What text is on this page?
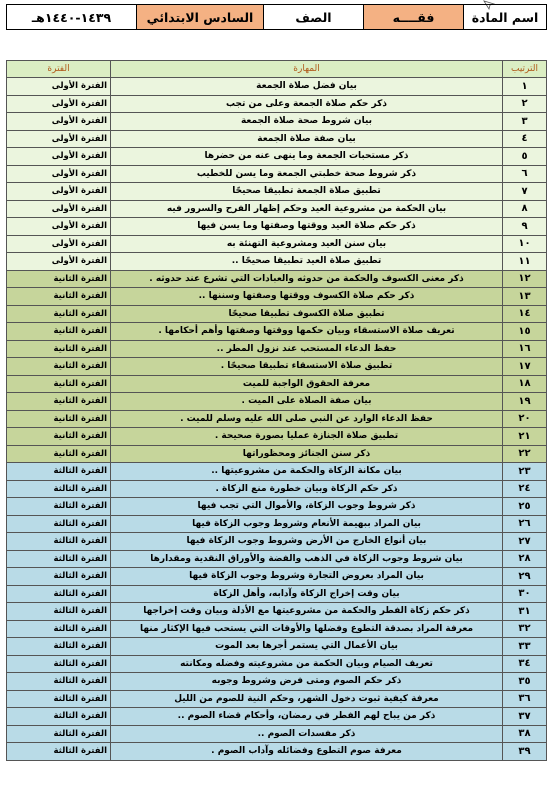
اسم المادة	فقــــه	الصف	السادس الابتدائي	١٤٣٩-١٤٤٠هـ
الترتيب	المهارة	الفترة
١	بيان فضل صلاة الجمعة	الفترة الأولى
٢	ذكر حكم صلاة الجمعة وعلى من تجب	الفترة الأولى
٣	بيان شروط صحة صلاة الجمعة	الفترة الأولى
٤	بيان صفة صلاة الجمعة	الفترة الأولى
٥	ذكر مستحبات الجمعة وما ينهى عنه من حضرها	الفترة الأولى
٦	ذكر شروط صحة خطبتي الجمعة وما يسن للخطيب	الفترة الأولى
٧	تطبيق صلاة الجمعة تطبيقا صحيحًا	الفترة الأولى
٨	بيان الحكمة من مشروعية العيد وحكم إظهار الفرح والسرور فيه	الفترة الأولى
٩	ذكر حكم صلاة العيد ووقتها وصفتها وما يسن فيها	الفترة الأولى
١٠	بيان سنن العيد ومشروعية التهنئة به	الفترة الأولى
١١	تطبيق صلاة العيد تطبيقا صحيحًا ..	الفترة الأولى
١٢	ذكر معنى الكسوف والحكمة من حدوثه والعبادات التي تشرع عند حدوثه .	الفترة الثانية
١٣	ذكر حكم صلاة الكسوف ووقتها وصفتها وسننها ..	الفترة الثانية
١٤	تطبيق صلاة الكسوف تطبيقا صحيحًا	الفترة الثانية
١٥	تعريف صلاة الاستسقاء وبيان حكمها ووقتها وصفتها وأهم أحكامها .	الفترة الثانية
١٦	حفظ الدعاء المستحب عند نزول المطر ..	الفترة الثانية
١٧	تطبيق صلاة الاستسقاء تطبيقا صحيحًا .	الفترة الثانية
١٨	معرفة الحقوق الواجبة للميت	الفترة الثانية
١٩	بيان صفة الصلاة على الميت .	الفترة الثانية
٢٠	حفظ الدعاء الوارد عن النبي صلى الله عليه وسلم للميت .	الفترة الثانية
٢١	تطبيق صلاة الجنازة عمليا بصورة صحيحة .	الفترة الثانية
٢٢	ذكر سنن الجنائز ومحظوراتها	الفترة الثانية
٢٣	بيان مكانة الزكاة والحكمة من مشروعيتها ..	الفترة الثالثة
٢٤	ذكر حكم الزكاة وبيان خطورة منع الزكاة .	الفترة الثالثة
٢٥	ذكر شروط وجوب الزكاة، والأموال التي تجب فيها	الفترة الثالثة
٢٦	بيان المراد ببهيمة الأنعام وشروط وجوب الزكاة فيها	الفترة الثالثة
٢٧	بيان أنواع الخارج من الأرض وشروط وجوب الزكاة فيها	الفترة الثالثة
٢٨	بيان شروط وجوب الزكاة في الذهب والفضة والأوراق النقدية ومقدارها	الفترة الثالثة
٢٩	بيان المراد بعروض التجارة وشروط وجوب الزكاة فيها	الفترة الثالثة
٣٠	بيان وقت إخراج الزكاة وآدابه، وأهل الزكاة	الفترة الثالثة
٣١	ذكر حكم زكاة الفطر والحكمة من مشروعيتها مع الأدلة وبيان وقت إخراجها	الفترة الثالثة
٣٢	معرفة المراد بصدقة التطوع وفضلها والأوقات التي يستحب فيها الإكثار منها	الفترة الثالثة
٣٣	بيان الأعمال التي يستمر أجرها بعد الموت	الفترة الثالثة
٣٤	تعريف الصيام وبيان الحكمة من مشروعيته وفضله ومكانته	الفترة الثالثة
٣٥	ذكر حكم الصوم ومتى فرض وشروط وجوبه	الفترة الثالثة
٣٦	معرفة كيفية ثبوت دخول الشهر، وحكم النية للصوم من الليل	الفترة الثالثة
٣٧	ذكر من يباح لهم الفطر في رمضان، وأحكام قضاء الصوم ..	الفترة الثالثة
٣٨	ذكر مفسدات الصوم ..	الفترة الثالثة
٣٩	معرفة صوم التطوع وفضائله وآداب الصوم .	الفترة الثالثة
